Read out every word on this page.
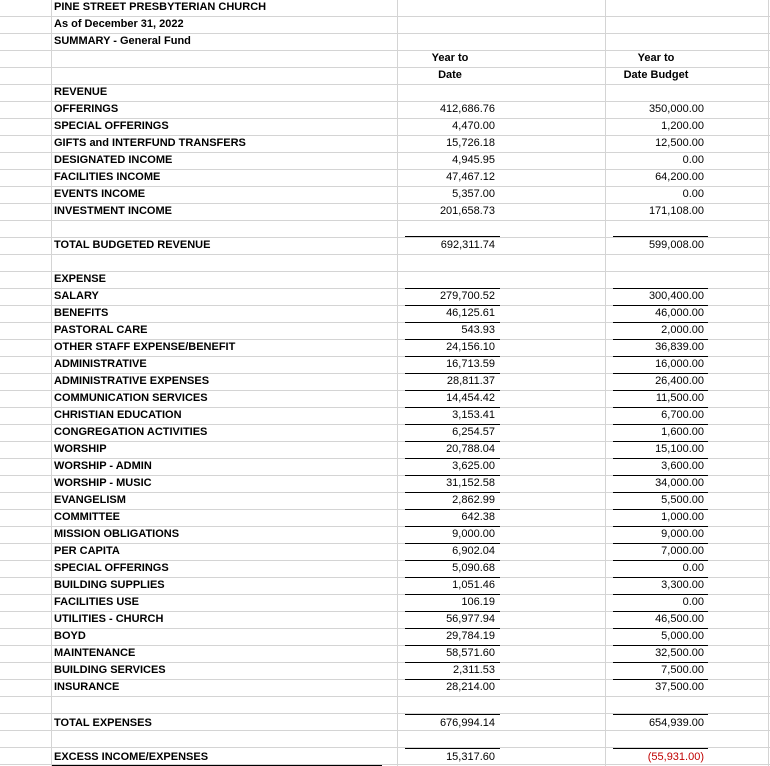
PINE STREET PRESBYTERIAN CHURCH
As of December 31, 2022
SUMMARY - General Fund
Year to
Date
Year to
Date Budget
REVENUE
OFFERINGS	412,686.76	350,000.00
SPECIAL OFFERINGS	4,470.00	1,200.00
GIFTS and INTERFUND TRANSFERS	15,726.18	12,500.00
DESIGNATED INCOME	4,945.95	0.00
FACILITIES INCOME	47,467.12	64,200.00
EVENTS INCOME	5,357.00	0.00
INVESTMENT INCOME	201,658.73	171,108.00
TOTAL BUDGETED REVENUE	692,311.74	599,008.00
EXPENSE
SALARY	279,700.52	300,400.00
BENEFITS	46,125.61	46,000.00
PASTORAL CARE	543.93	2,000.00
OTHER STAFF EXPENSE/BENEFIT	24,156.10	36,839.00
ADMINISTRATIVE	16,713.59	16,000.00
ADMINISTRATIVE EXPENSES	28,811.37	26,400.00
COMMUNICATION SERVICES	14,454.42	11,500.00
CHRISTIAN EDUCATION	3,153.41	6,700.00
CONGREGATION ACTIVITIES	6,254.57	1,600.00
WORSHIP	20,788.04	15,100.00
WORSHIP - ADMIN	3,625.00	3,600.00
WORSHIP - MUSIC	31,152.58	34,000.00
EVANGELISM	2,862.99	5,500.00
COMMITTEE	642.38	1,000.00
MISSION OBLIGATIONS	9,000.00	9,000.00
PER CAPITA	6,902.04	7,000.00
SPECIAL OFFERINGS	5,090.68	0.00
BUILDING SUPPLIES	1,051.46	3,300.00
FACILITIES USE	106.19	0.00
UTILITIES - CHURCH	56,977.94	46,500.00
BOYD	29,784.19	5,000.00
MAINTENANCE	58,571.60	32,500.00
BUILDING SERVICES	2,311.53	7,500.00
INSURANCE	28,214.00	37,500.00
TOTAL EXPENSES	676,994.14	654,939.00
EXCESS INCOME/EXPENSES	15,317.60	(55,931.00)
